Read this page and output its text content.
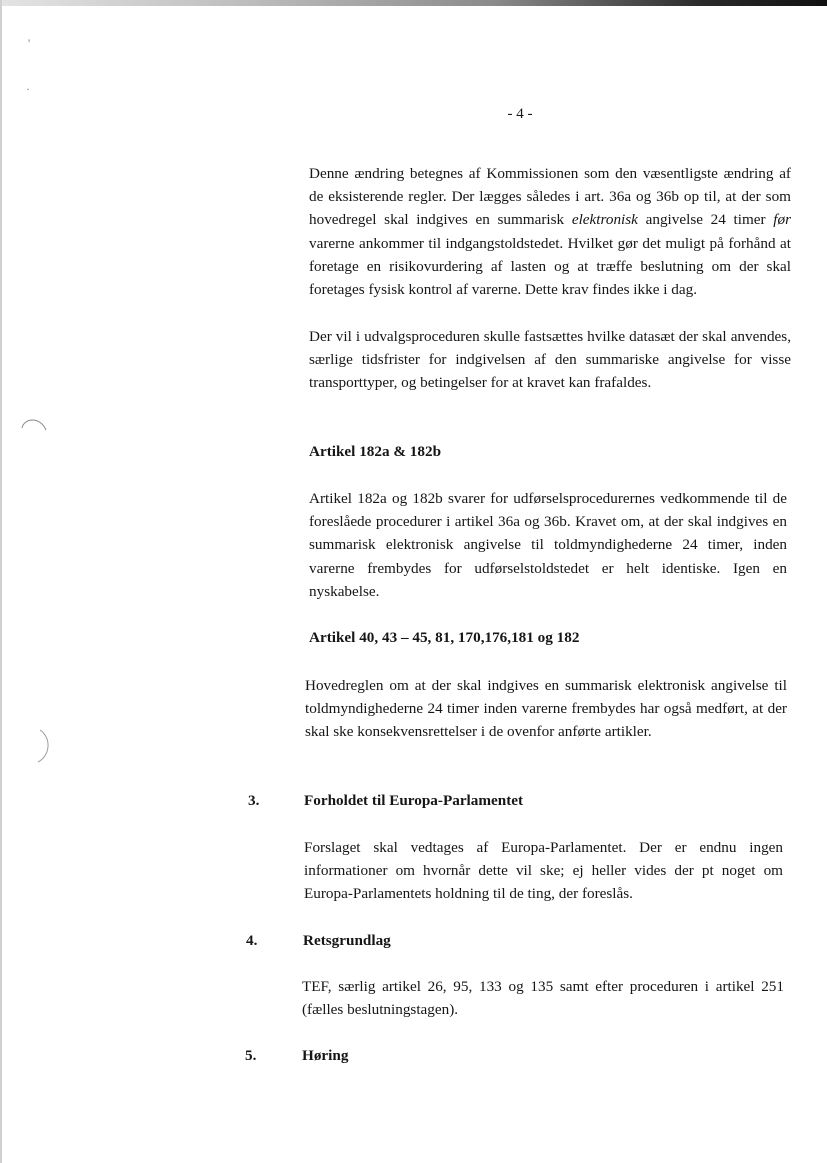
'
·
- 4 -
Denne ændring betegnes af Kommissionen som den væsentligste ændring af de eksisterende regler. Der lægges således i art. 36a og 36b op til, at der som hovedregel skal indgives en summarisk elektronisk angivelse 24 timer før varerne ankommer til indgangstoldstedet. Hvilket gør det muligt på forhånd at foretage en risikovurdering af lasten og at træffe beslutning om der skal foretages fysisk kontrol af varerne. Dette krav findes ikke i dag.
Der vil i udvalgsproceduren skulle fastsættes hvilke datasæt der skal anvendes, særlige tidsfrister for indgivelsen af den summariske angivelse for visse transporttyper, og betingelser for at kravet kan frafaldes.
Artikel 182a & 182b
Artikel 182a og 182b svarer for udførselsprocedurernes vedkommende til de foreslåede procedurer i artikel 36a og 36b. Kravet om, at der skal indgives en summarisk elektronisk angivelse til toldmyndighederne 24 timer, inden varerne frembydes for udførselstoldstedet er helt identiske. Igen en nyskabelse.
Artikel 40, 43 – 45, 81, 170,176,181 og 182
Hovedreglen om at der skal indgives en summarisk elektronisk angivelse til toldmyndighederne 24 timer inden varerne frembydes har også medført, at der skal ske konsekvensrettelser i de ovenfor anførte artikler.
3.	Forholdet til Europa-Parlamentet
Forslaget skal vedtages af Europa-Parlamentet. Der er endnu ingen informationer om hvornår dette vil ske; ej heller vides der pt noget om Europa-Parlamentets holdning til de ting, der foreslås.
4.	Retsgrundlag
TEF, særlig artikel 26, 95, 133 og 135 samt efter proceduren i artikel 251 (fælles beslutningstagen).
5.	Høring
